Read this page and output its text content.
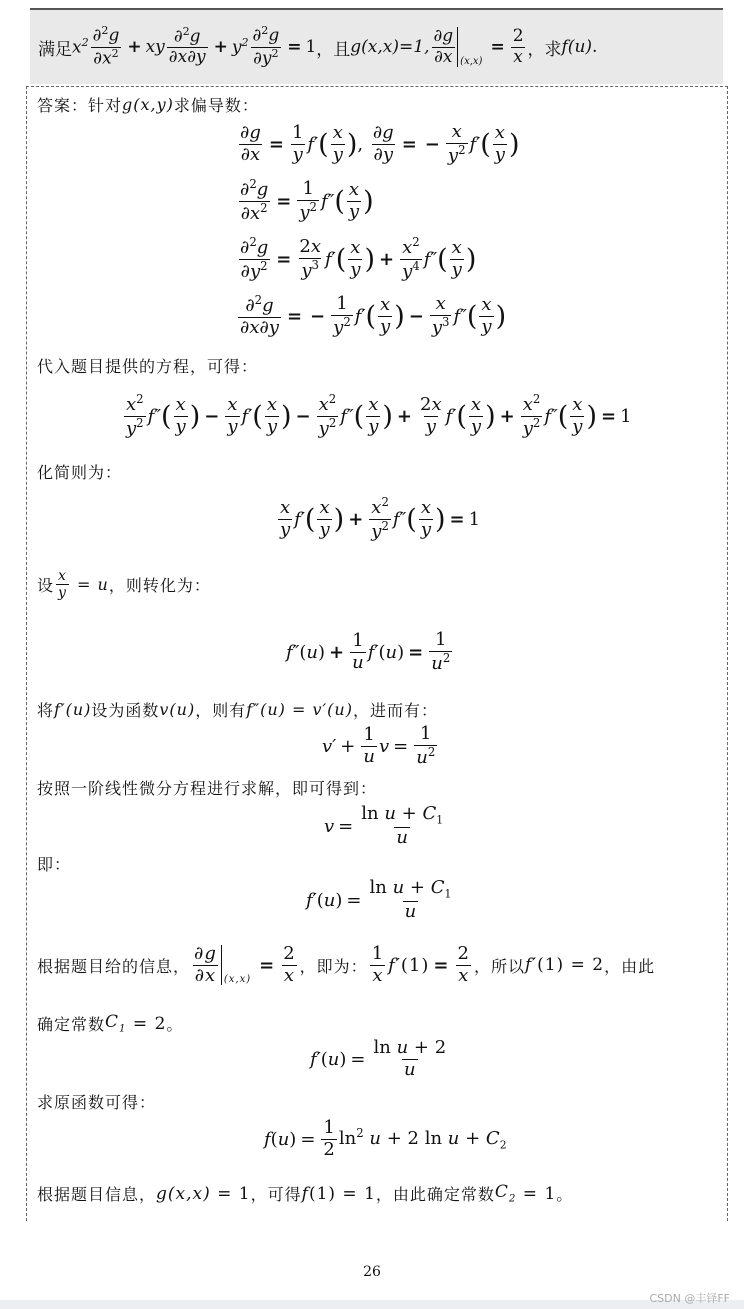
满足 $x^2 \frac{\partial^2g}{\partial x^2}$ + xy $\frac{\partial^2g}{\partial x\partial y} + y^2 \frac{\partial^2g}{\partial y^2} = 1$ ，且 g(x,x)=1, $\frac{\partial g}{\partial x} (x,x)$
= $\frac{2}{x}$ ，求 f(u) .
答案：针对 g(x,y) 求偏导数：
$\frac{\partial g}{\partial x} = \frac{1}{y} f'$ ( $\frac{x}{y}$ ) , $\frac{\partial g}{\partial y}$ = − $\frac{x}{y^2} f'$ ( $\frac{x}{y}$ )
$\frac{\partial^2g}{\partial x^2} = \frac{1}{y^2} f''$ ( $\frac{x}{y}$ )
$\frac{\partial^2g}{\partial y^2} = \frac{2x}{y^3} f'$ ( $\frac{x}{y}$ ) + $\frac{x^2}{y^4} f''$ ( $\frac{x}{y}$ )
$\frac{\partial^2g}{\partial x\partial y}$ = − $\frac{1}{y^2} f'$ ( $\frac{x}{y}$ ) − $\frac{x}{y^3} f''$ ( $\frac{x}{y}$ )
代入题目提供的方程，可得：
$\frac{x^2}{y^2} f''$ ( $\frac{x}{y}$ ) − $\frac{x}{y} f'$ ( $\frac{x}{y}$ ) − $\frac{x^2}{y^2} f''$ ( $\frac{x}{y}$ ) + $\frac{2x}{y} f'$ ( $\frac{x}{y}$ ) + $\frac{x^2}{y^2} f''$ ( $\frac{x}{y}$ ) = 1
化简则为：
$\frac{x}{y} f'$ ( $\frac{x}{y}$ ) + $\frac{x^2}{y^2} f''$ ( $\frac{x}{y}$ ) = 1
设 $\frac{x}{y} = u$ ，则转化为：
f″ $(u) + \frac{1}{u} f'$ $(u) = \frac{1}{u^2}$
将 f′(u) 设为函数 v(u) ，则有 f″(u) = v′(u) ，进而有：
$v' + \frac{1}{u}$ $v = \frac{1}{u^2}$
按照一阶线性微分方程进行求解，即可得到：
$v = \frac{\ln u + C_1}{u}$
即：
f′ $(u) = \frac{\ln u + C_1}{u}$
根据题目给的信息， $\frac{\partial g}{\partial x} (x,x)$
= $\frac{2}{x}$ ，即为： $\frac{1}{x} f'$ $(1) = \frac{2}{x}$ ，所以 f′ (1) = 2 ，由此
确定常数 $C_1 = 2$ 。
f′ $(u) = \frac{\text{ln u + 2}}{u}$
求原函数可得：
f $(u) = \frac{1}{2} \ln^2 u + 2$ $\ln u + C_2$
根据题目信息， g(x,x) = 1 ，可得 f (1) = 1 ，由此确定常数 $C_2 = 1$ 。
26
CSDN @丰铎FF
